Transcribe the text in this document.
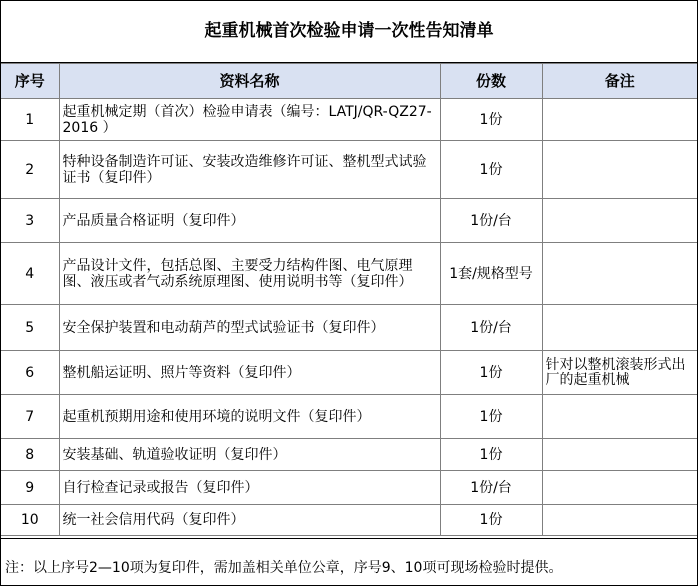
起重机械首次检验申请一次性告知清单
序号	资料名称	份数	备注
1	起重机械定期（首次）检验申请表（编号：LATJ/QR-QZ27-2016 ）	1份	
2	特种设备制造许可证、安装改造维修许可证、整机型式试验证书（复印件）	1份	
3	产品质量合格证明（复印件）	1份/台	
4	产品设计文件，包括总图、主要受力结构件图、电气原理图、液压或者气动系统原理图、使用说明书等（复印件）	1套/规格型号	
5	安全保护装置和电动葫芦的型式试验证书（复印件）	1份/台	
6	整机船运证明、照片等资料（复印件）	1份	针对以整机滚装形式出厂的起重机械
7	起重机预期用途和使用环境的说明文件（复印件）	1份	
8	安装基础、轨道验收证明（复印件）	1份	
9	自行检查记录或报告（复印件）	1份/台	
10	统一社会信用代码（复印件）	1份	
注：以上序号2—10项为复印件，需加盖相关单位公章，序号9、10项可现场检验时提供。
